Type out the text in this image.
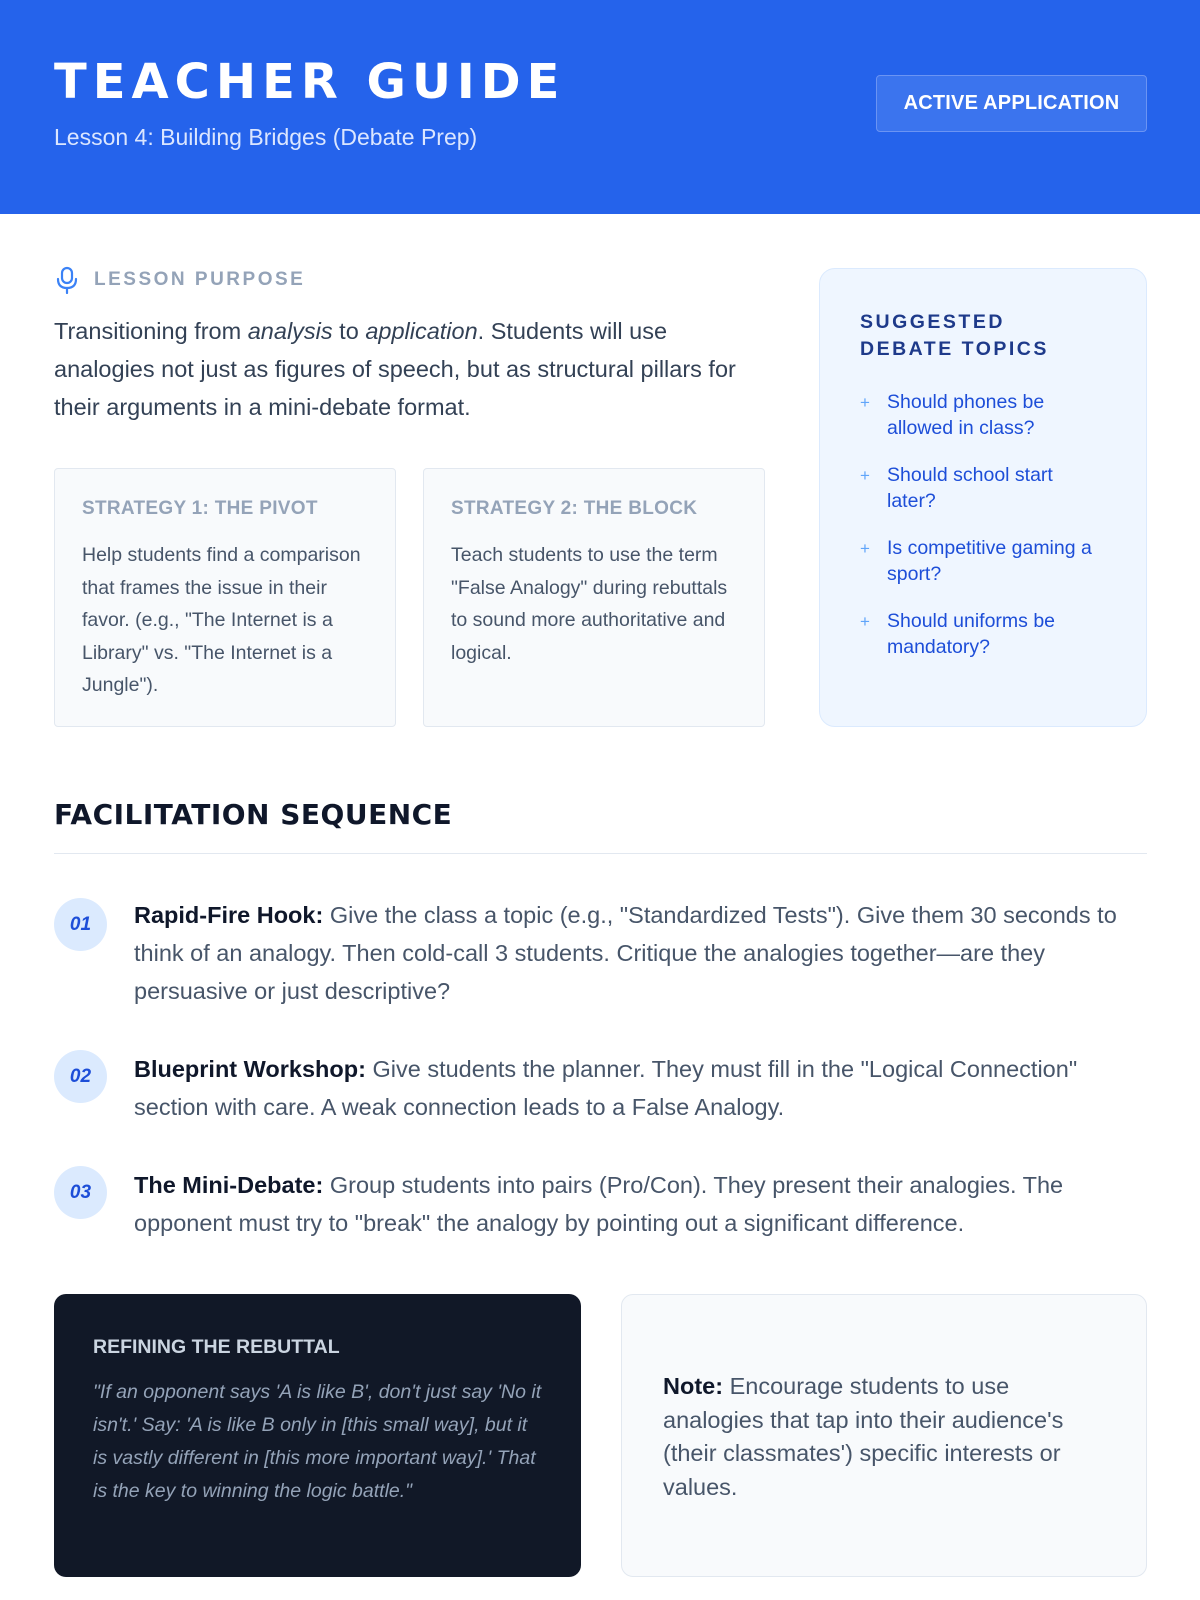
TEACHER GUIDE
Lesson 4: Building Bridges (Debate Prep)
ACTIVE APPLICATION
LESSON PURPOSE

Transitioning from analysis to application. Students will use analogies not just as figures of speech, but as structural pillars for their arguments in a mini-debate format.

STRATEGY 1: THE PIVOT
Help students find a comparison that frames the issue in their favor. (e.g., "The Internet is a Library" vs. "The Internet is a Jungle").
STRATEGY 2: THE BLOCK
Teach students to use the term "False Analogy" during rebuttals to sound more authoritative and logical.
SUGGESTED DEBATE TOPICS
+ Should phones be allowed in class?
+ Should school start later?
+ Is competitive gaming a sport?
+ Should uniforms be mandatory?
FACILITATION SEQUENCE
01	Rapid-Fire Hook: Give the class a topic (e.g., "Standardized Tests"). Give them 30 seconds to think of an analogy. Then cold-call 3 students. Critique the analogies together—are they persuasive or just descriptive?
02	Blueprint Workshop: Give students the planner. They must fill in the "Logical Connection" section with care. A weak connection leads to a False Analogy.
03	The Mini-Debate: Group students into pairs (Pro/Con). They present their analogies. The opponent must try to "break" the analogy by pointing out a significant difference.
REFINING THE REBUTTAL
"If an opponent says 'A is like B', don't just say 'No it isn't.' Say: 'A is like B only in [this small way], but it is vastly different in [this more important way].' That is the key to winning the logic battle."

Note: Encourage students to use analogies that tap into their audience's (their classmates') specific interests or values.
